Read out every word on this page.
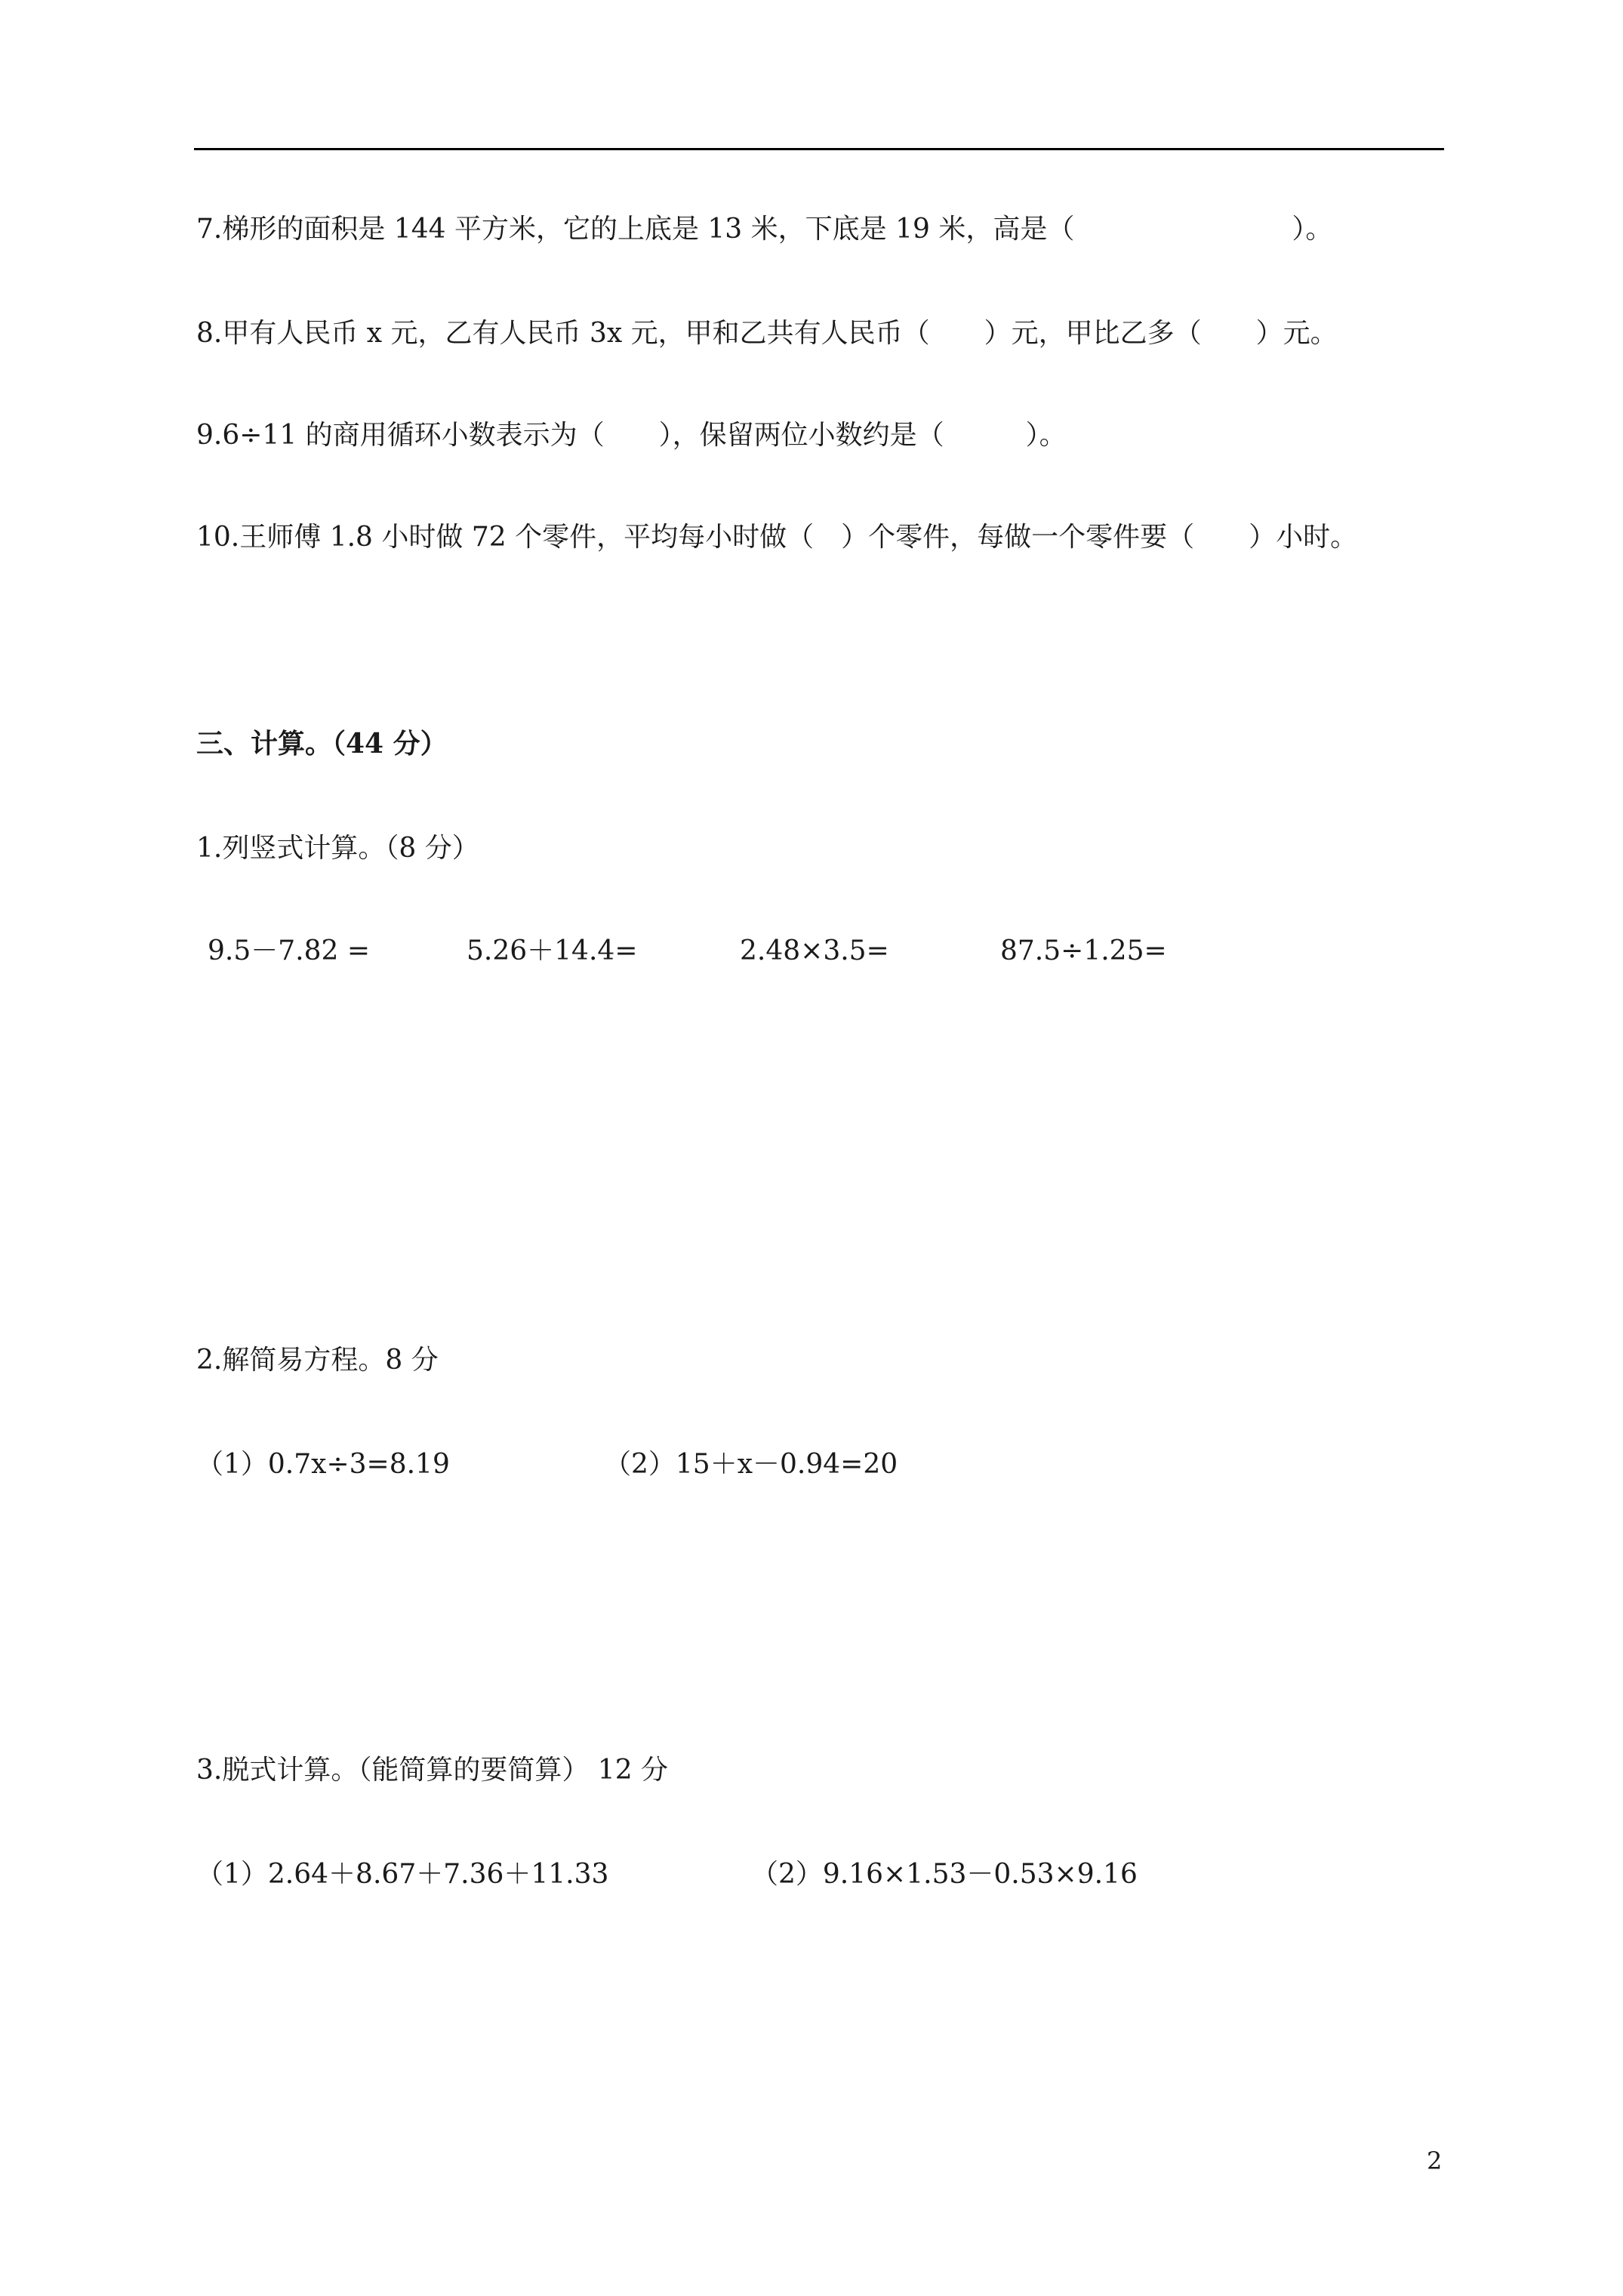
7.梯形的面积是 144 平方米，它的上底是 13 米，下底是 19 米，高是（　　　　　　　　）。
8.甲有人民币 x 元，乙有人民币 3x 元，甲和乙共有人民币（　　）元，甲比乙多（　　）元。
9.6÷11 的商用循环小数表示为（　　），保留两位小数约是（　　　）。
10.王师傅 1.8 小时做 72 个零件，平均每小时做（　）个零件，每做一个零件要（　　）小时。
三、计算。（44 分）
1.列竖式计算。（8 分）
9.5－7.82 =	5.26＋14.4=	2.48×3.5=	87.5÷1.25=
2.解简易方程。8 分
（1）0.7x÷3=8.19	（2）15＋x－0.94=20
3.脱式计算。（能简算的要简算） 12 分
（1）2.64＋8.67＋7.36＋11.33	（2）9.16×1.53－0.53×9.16
2
